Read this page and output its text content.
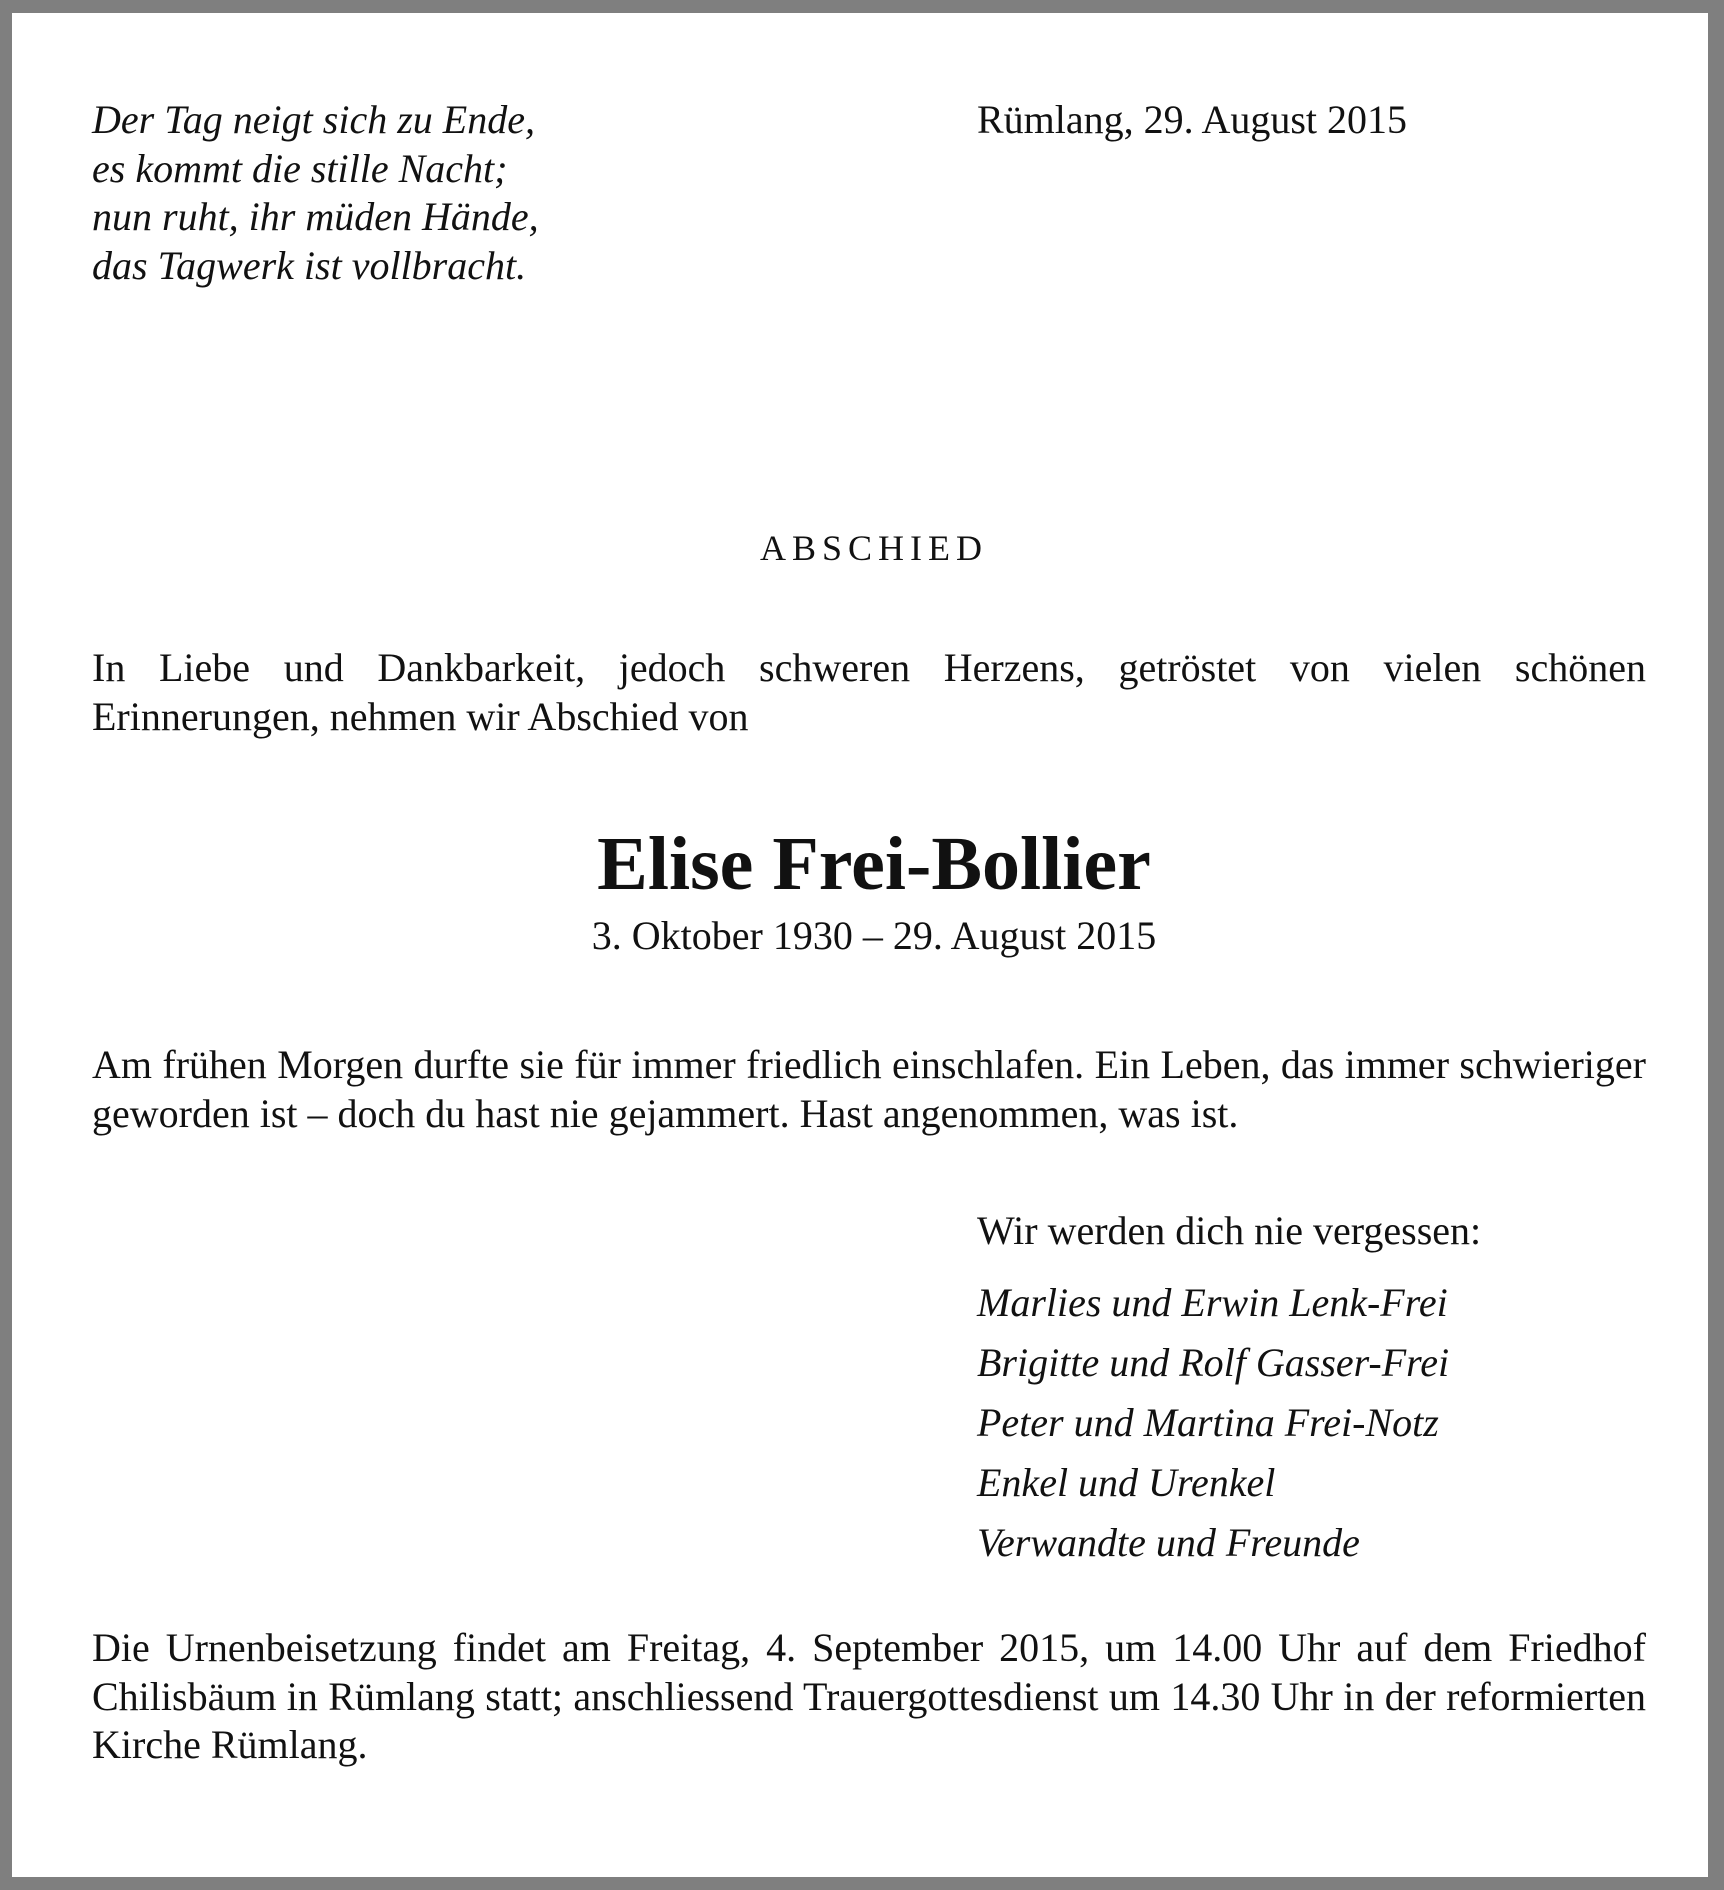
Der Tag neigt sich zu Ende,
es kommt die stille Nacht;
nun ruht, ihr müden Hände,
das Tagwerk ist vollbracht.
Rümlang, 29. August 2015
ABSCHIED
In Liebe und Dankbarkeit, jedoch schweren Herzens, getröstet von vielen schönen Erinnerungen, nehmen wir Abschied von
Elise Frei-Bollier
3. Oktober 1930 – 29. August 2015
Am frühen Morgen durfte sie für immer friedlich einschlafen. Ein Leben, das immer schwieriger geworden ist – doch du hast nie gejammert. Hast angenommen, was ist.
Wir werden dich nie vergessen:
Marlies und Erwin Lenk-Frei
Brigitte und Rolf Gasser-Frei
Peter und Martina Frei-Notz
Enkel und Urenkel
Verwandte und Freunde
Die Urnenbeisetzung findet am Freitag, 4. September 2015, um 14.00 Uhr auf dem Friedhof Chilisbäum in Rümlang statt; anschliessend Trauergottesdienst um 14.30 Uhr in der reformierten Kirche Rümlang.
